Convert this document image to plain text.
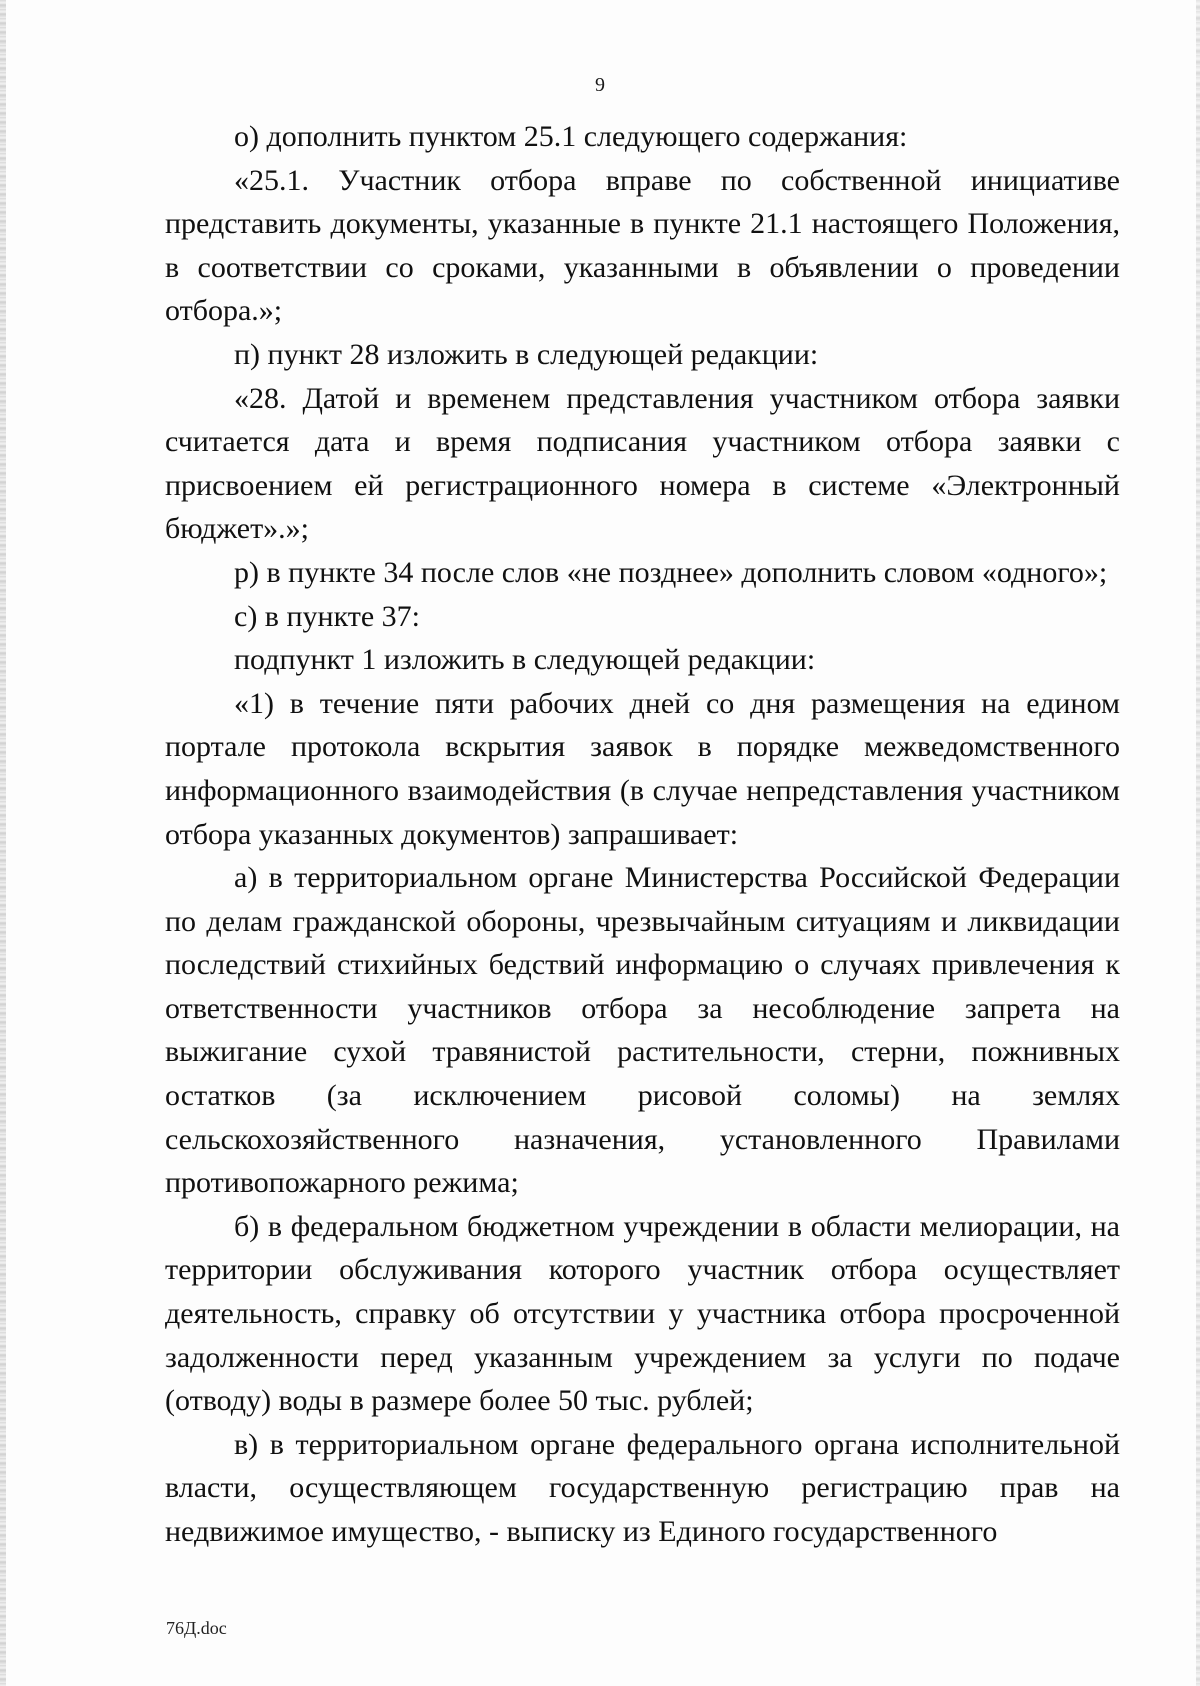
9

о) дополнить пунктом 25.1 следующего содержания:

«25.1. Участник отбора вправе по собственной инициативе представить документы, указанные в пункте 21.1 настоящего Положения, в соответствии со сроками, указанными в объявлении о проведении отбора.»;

п) пункт 28 изложить в следующей редакции:

«28. Датой и временем представления участником отбора заявки считается дата и время подписания участником отбора заявки с присвоением ей регистрационного номера в системе «Электронный бюджет».»;

р) в пункте 34 после слов «не позднее» дополнить словом «одного»;

с) в пункте 37:

подпункт 1 изложить в следующей редакции:

«1) в течение пяти рабочих дней со дня размещения на едином портале протокола вскрытия заявок в порядке межведомственного информационного взаимодействия (в случае непредставления участником отбора указанных документов) запрашивает:

а) в территориальном органе Министерства Российской Федерации по делам гражданской обороны, чрезвычайным ситуациям и ликвидации последствий стихийных бедствий информацию о случаях привлечения к ответственности участников отбора за несоблюдение запрета на выжигание сухой травянистой растительности, стерни, пожнивных остатков (за исключением рисовой соломы) на землях сельскохозяйственного назначения, установленного Правилами противопожарного режима;

б) в федеральном бюджетном учреждении в области мелиорации, на территории обслуживания которого участник отбора осуществляет деятельность, справку об отсутствии у участника отбора просроченной задолженности перед указанным учреждением за услуги по подаче (отводу) воды в размере более 50 тыс. рублей;

в) в территориальном органе федерального органа исполнительной власти, осуществляющем государственную регистрацию прав на недвижимое имущество, - выписку из Единого государственного

76Д.doc
